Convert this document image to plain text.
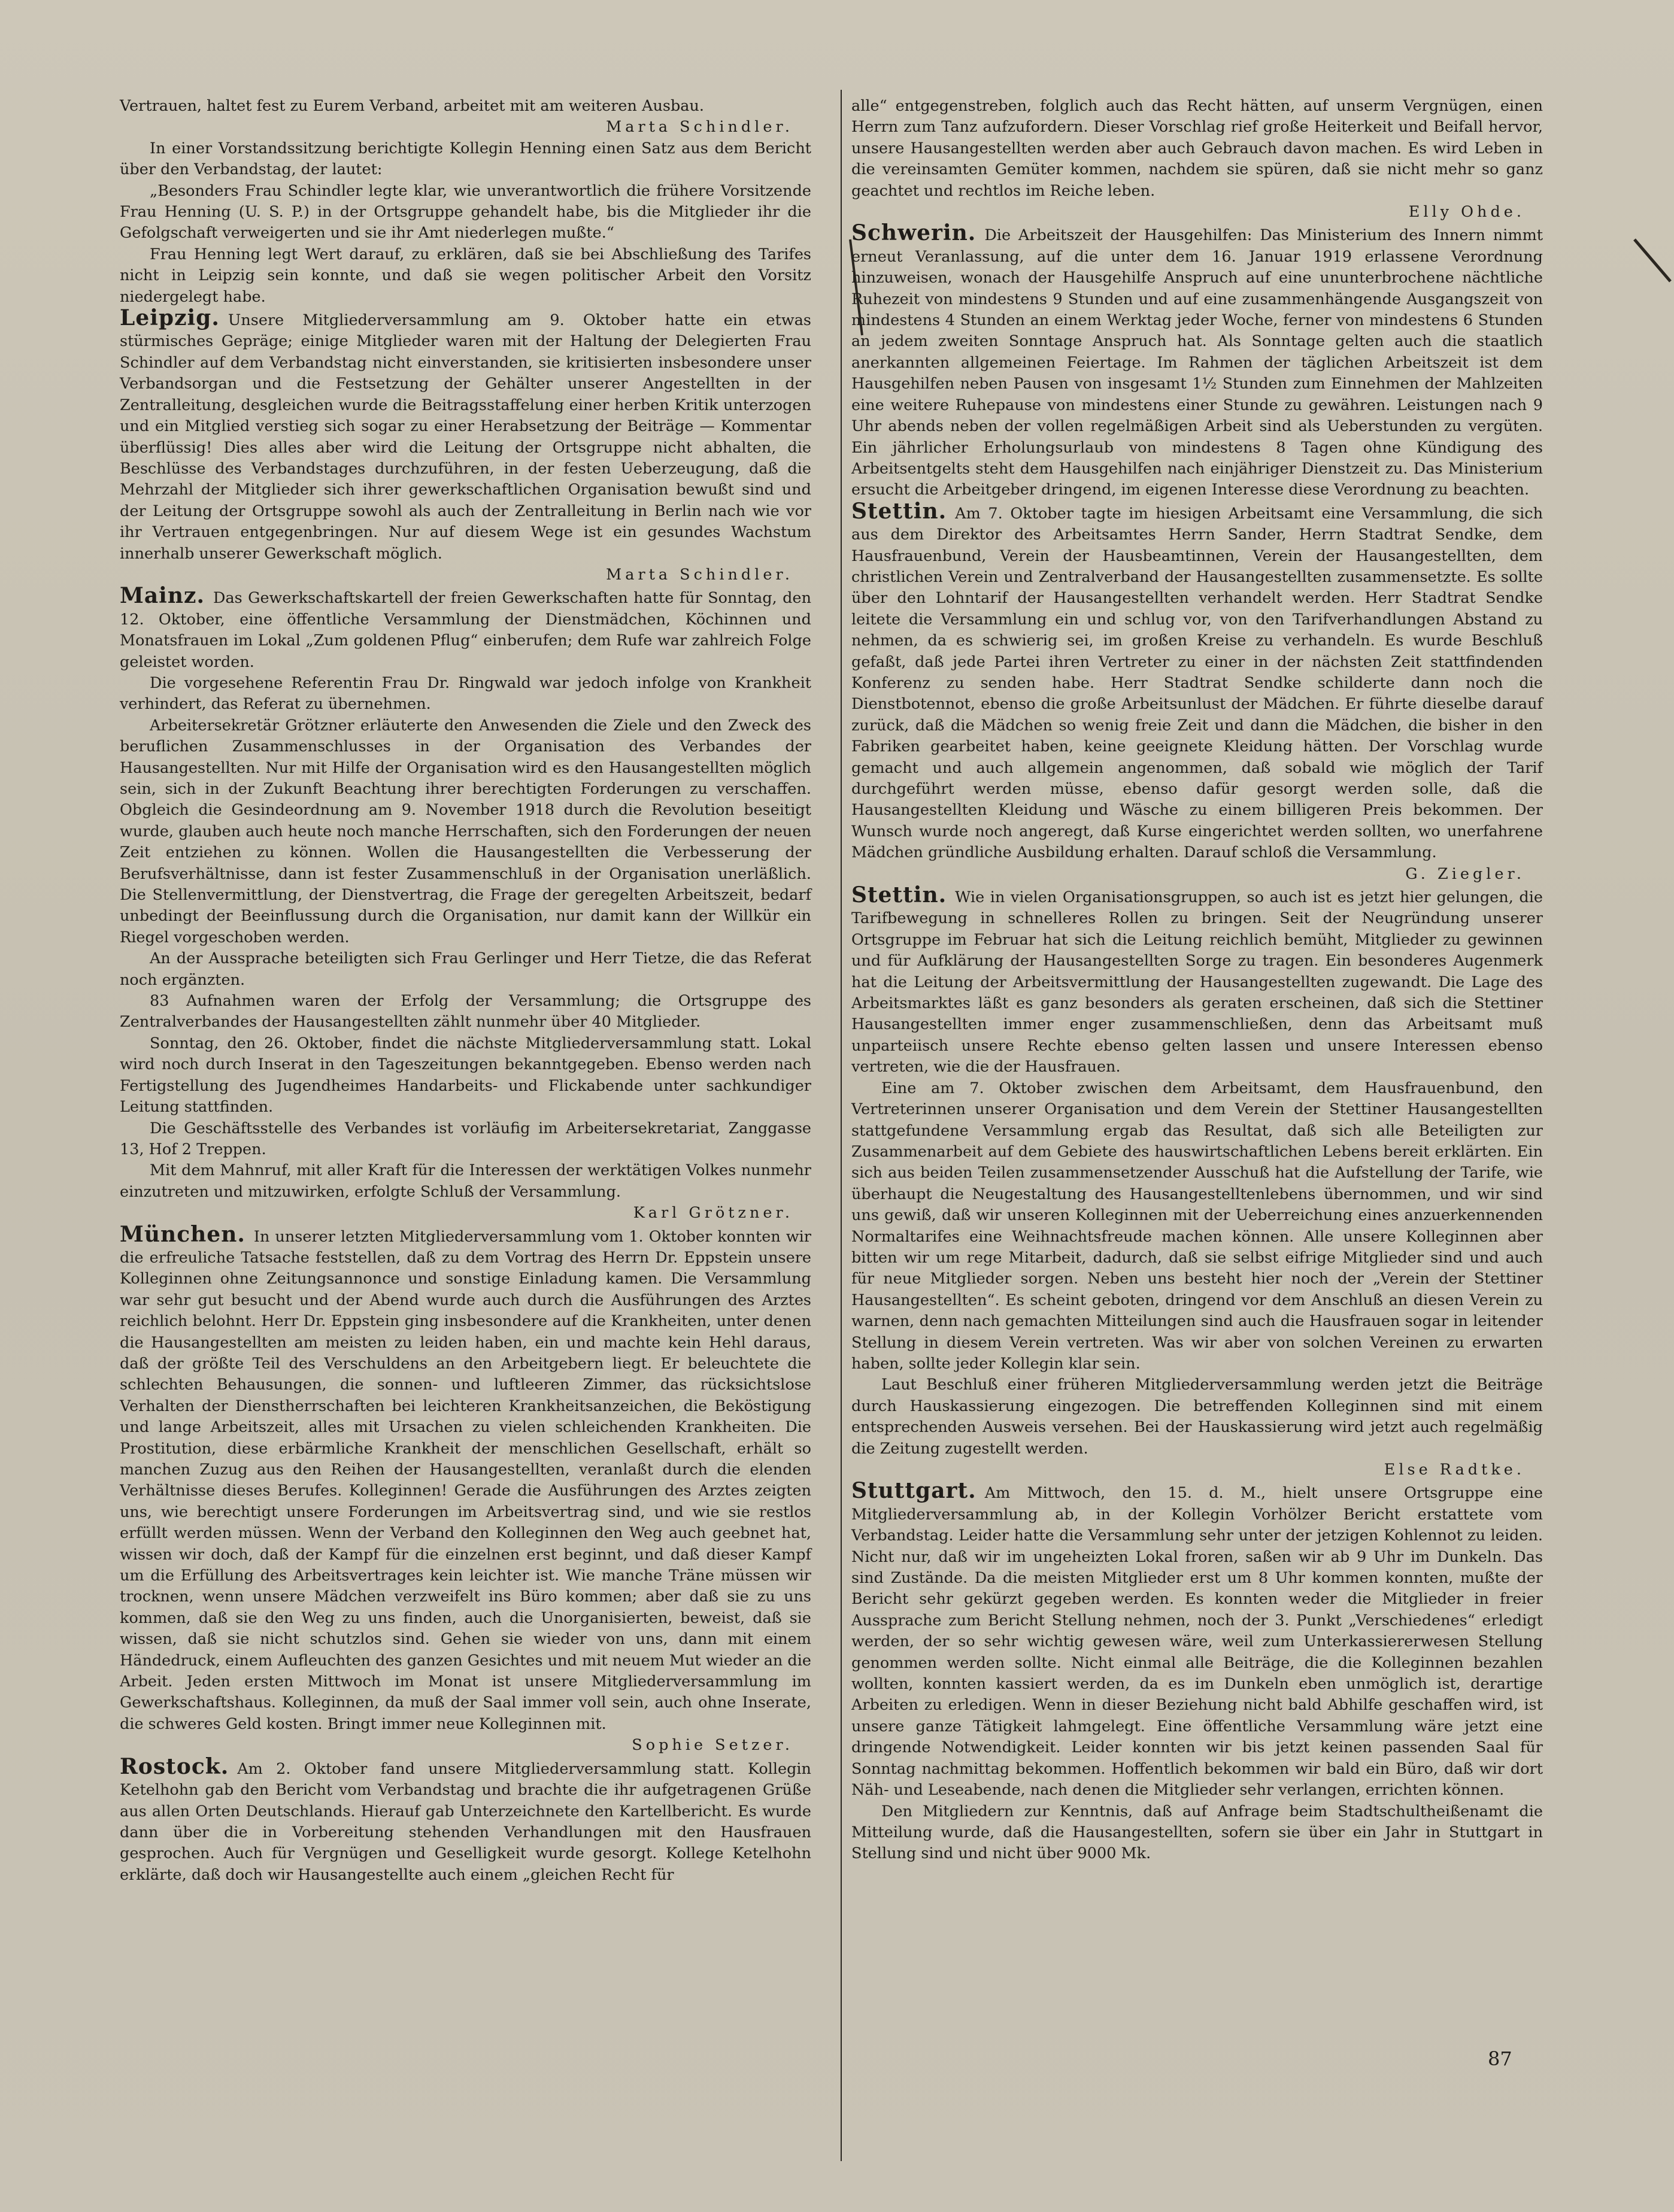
Vertrauen, haltet fest zu Eurem Verband, arbeitet mit am weiteren Ausbau.

Marta Schindler.

In einer Vorstandssitzung berichtigte Kollegin Henning einen Satz aus dem Bericht über den Verbandstag, der lautet:

„Besonders Frau Schindler legte klar, wie unverantwortlich die frühere Vorsitzende Frau Henning (U. S. P.) in der Ortsgruppe gehandelt habe, bis die Mitglieder ihr die Gefolgschaft verweigerten und sie ihr Amt niederlegen mußte.“

Frau Henning legt Wert darauf, zu erklären, daß sie bei Abschließung des Tarifes nicht in Leipzig sein konnte, und daß sie wegen politischer Arbeit den Vorsitz niedergelegt habe.

Leipzig. Unsere Mitgliederversammlung am 9. Oktober hatte ein etwas stürmisches Gepräge; einige Mitglieder waren mit der Haltung der Delegierten Frau Schindler auf dem Verbandstag nicht einverstanden, sie kritisierten insbesondere unser Verbandsorgan und die Festsetzung der Gehälter unserer Angestellten in der Zentralleitung, desgleichen wurde die Beitragsstaffelung einer herben Kritik unterzogen und ein Mitglied verstieg sich sogar zu einer Herabsetzung der Beiträge — Kommentar überflüssig! Dies alles aber wird die Leitung der Ortsgruppe nicht abhalten, die Beschlüsse des Verbandstages durchzuführen, in der festen Ueberzeugung, daß die Mehrzahl der Mitglieder sich ihrer gewerkschaftlichen Organisation bewußt sind und der Leitung der Ortsgruppe sowohl als auch der Zentralleitung in Berlin nach wie vor ihr Vertrauen entgegenbringen. Nur auf diesem Wege ist ein gesundes Wachstum innerhalb unserer Gewerkschaft möglich.

Marta Schindler.

Mainz. Das Gewerkschaftskartell der freien Gewerkschaften hatte für Sonntag, den 12. Oktober, eine öffentliche Versammlung der Dienstmädchen, Köchinnen und Monatsfrauen im Lokal „Zum goldenen Pflug“ einberufen; dem Rufe war zahlreich Folge geleistet worden.

Die vorgesehene Referentin Frau Dr. Ringwald war jedoch infolge von Krankheit verhindert, das Referat zu übernehmen.

Arbeitersekretär Grötzner erläuterte den Anwesenden die Ziele und den Zweck des beruflichen Zusammenschlusses in der Organisation des Verbandes der Hausangestellten. Nur mit Hilfe der Organisation wird es den Hausangestellten möglich sein, sich in der Zukunft Beachtung ihrer berechtigten Forderungen zu verschaffen. Obgleich die Gesindeordnung am 9. November 1918 durch die Revolution beseitigt wurde, glauben auch heute noch manche Herrschaften, sich den Forderungen der neuen Zeit entziehen zu können. Wollen die Hausangestellten die Verbesserung der Berufsverhältnisse, dann ist fester Zusammenschluß in der Organisation unerläßlich. Die Stellenvermittlung, der Dienstvertrag, die Frage der geregelten Arbeitszeit, bedarf unbedingt der Beeinflussung durch die Organisation, nur damit kann der Willkür ein Riegel vorgeschoben werden.

An der Aussprache beteiligten sich Frau Gerlinger und Herr Tietze, die das Referat noch ergänzten.

83 Aufnahmen waren der Erfolg der Versammlung; die Ortsgruppe des Zentralverbandes der Hausangestellten zählt nunmehr über 40 Mitglieder.

Sonntag, den 26. Oktober, findet die nächste Mitgliederversammlung statt. Lokal wird noch durch Inserat in den Tageszeitungen bekanntgegeben. Ebenso werden nach Fertigstellung des Jugendheimes Handarbeits- und Flickabende unter sachkundiger Leitung stattfinden.

Die Geschäftsstelle des Verbandes ist vorläufig im Arbeitersekretariat, Zanggasse 13, Hof 2 Treppen.

Mit dem Mahnruf, mit aller Kraft für die Interessen der werktätigen Volkes nunmehr einzutreten und mitzuwirken, erfolgte Schluß der Versammlung.

Karl Grötzner.

München. In unserer letzten Mitgliederversammlung vom 1. Oktober konnten wir die erfreuliche Tatsache feststellen, daß zu dem Vortrag des Herrn Dr. Eppstein unsere Kolleginnen ohne Zeitungsannonce und sonstige Einladung kamen. Die Versammlung war sehr gut besucht und der Abend wurde auch durch die Ausführungen des Arztes reichlich belohnt. Herr Dr. Eppstein ging insbesondere auf die Krankheiten, unter denen die Hausangestellten am meisten zu leiden haben, ein und machte kein Hehl daraus, daß der größte Teil des Verschuldens an den Arbeitgebern liegt. Er beleuchtete die schlechten Behausungen, die sonnen- und luftleeren Zimmer, das rücksichtslose Verhalten der Dienstherrschaften bei leichteren Krankheitsanzeichen, die Beköstigung und lange Arbeitszeit, alles mit Ursachen zu vielen schleichenden Krankheiten. Die Prostitution, diese erbärmliche Krankheit der menschlichen Gesellschaft, erhält so manchen Zuzug aus den Reihen der Hausangestellten, veranlaßt durch die elenden Verhältnisse dieses Berufes. Kolleginnen! Gerade die Ausführungen des Arztes zeigten uns, wie berechtigt unsere Forderungen im Arbeitsvertrag sind, und wie sie restlos erfüllt werden müssen. Wenn der Verband den Kolleginnen den Weg auch geebnet hat, wissen wir doch, daß der Kampf für die einzelnen erst beginnt, und daß dieser Kampf um die Erfüllung des Arbeitsvertrages kein leichter ist. Wie manche Träne müssen wir trocknen, wenn unsere Mädchen verzweifelt ins Büro kommen; aber daß sie zu uns kommen, daß sie den Weg zu uns finden, auch die Unorganisierten, beweist, daß sie wissen, daß sie nicht schutzlos sind. Gehen sie wieder von uns, dann mit einem Händedruck, einem Aufleuchten des ganzen Gesichtes und mit neuem Mut wieder an die Arbeit. Jeden ersten Mittwoch im Monat ist unsere Mitgliederversammlung im Gewerkschaftshaus. Kolleginnen, da muß der Saal immer voll sein, auch ohne Inserate, die schweres Geld kosten. Bringt immer neue Kolleginnen mit.

Sophie Setzer.

Rostock. Am 2. Oktober fand unsere Mitgliederversammlung statt. Kollegin Ketelhohn gab den Bericht vom Verbandstag und brachte die ihr aufgetragenen Grüße aus allen Orten Deutschlands. Hierauf gab Unterzeichnete den Kartellbericht. Es wurde dann über die in Vorbereitung stehenden Verhandlungen mit den Hausfrauen gesprochen. Auch für Vergnügen und Geselligkeit wurde gesorgt. Kollege Ketelhohn erklärte, daß doch wir Hausangestellte auch einem „gleichen Recht für

alle“ entgegenstreben, folglich auch das Recht hätten, auf unserm Vergnügen, einen Herrn zum Tanz aufzufordern. Dieser Vorschlag rief große Heiterkeit und Beifall hervor, unsere Hausangestellten werden aber auch Gebrauch davon machen. Es wird Leben in die vereinsamten Gemüter kommen, nachdem sie spüren, daß sie nicht mehr so ganz geachtet und rechtlos im Reiche leben.

Elly Ohde.

Schwerin. Die Arbeitszeit der Hausgehilfen: Das Ministerium des Innern nimmt erneut Veranlassung, auf die unter dem 16. Januar 1919 erlassene Verordnung hinzuweisen, wonach der Hausgehilfe Anspruch auf eine ununterbrochene nächtliche Ruhezeit von mindestens 9 Stunden und auf eine zusammenhängende Ausgangszeit von mindestens 4 Stunden an einem Werktag jeder Woche, ferner von mindestens 6 Stunden an jedem zweiten Sonntage Anspruch hat. Als Sonntage gelten auch die staatlich anerkannten allgemeinen Feiertage. Im Rahmen der täglichen Arbeitszeit ist dem Hausgehilfen neben Pausen von insgesamt 1½ Stunden zum Einnehmen der Mahlzeiten eine weitere Ruhepause von mindestens einer Stunde zu gewähren. Leistungen nach 9 Uhr abends neben der vollen regelmäßigen Arbeit sind als Ueberstunden zu vergüten. Ein jährlicher Erholungsurlaub von mindestens 8 Tagen ohne Kündigung des Arbeitsentgelts steht dem Hausgehilfen nach einjähriger Dienstzeit zu. Das Ministerium ersucht die Arbeitgeber dringend, im eigenen Interesse diese Verordnung zu beachten.

Stettin. Am 7. Oktober tagte im hiesigen Arbeitsamt eine Versammlung, die sich aus dem Direktor des Arbeitsamtes Herrn Sander, Herrn Stadtrat Sendke, dem Hausfrauenbund, Verein der Hausbeamtinnen, Verein der Hausangestellten, dem christlichen Verein und Zentralverband der Hausangestellten zusammensetzte. Es sollte über den Lohntarif der Hausangestellten verhandelt werden. Herr Stadtrat Sendke leitete die Versammlung ein und schlug vor, von den Tarifverhandlungen Abstand zu nehmen, da es schwierig sei, im großen Kreise zu verhandeln. Es wurde Beschluß gefaßt, daß jede Partei ihren Vertreter zu einer in der nächsten Zeit stattfindenden Konferenz zu senden habe. Herr Stadtrat Sendke schilderte dann noch die Dienstbotennot, ebenso die große Arbeitsunlust der Mädchen. Er führte dieselbe darauf zurück, daß die Mädchen so wenig freie Zeit und dann die Mädchen, die bisher in den Fabriken gearbeitet haben, keine geeignete Kleidung hätten. Der Vorschlag wurde gemacht und auch allgemein angenommen, daß sobald wie möglich der Tarif durchgeführt werden müsse, ebenso dafür gesorgt werden solle, daß die Hausangestellten Kleidung und Wäsche zu einem billigeren Preis bekommen. Der Wunsch wurde noch angeregt, daß Kurse eingerichtet werden sollten, wo unerfahrene Mädchen gründliche Ausbildung erhalten. Darauf schloß die Versammlung.

G. Ziegler.

Stettin. Wie in vielen Organisationsgruppen, so auch ist es jetzt hier gelungen, die Tarifbewegung in schnelleres Rollen zu bringen. Seit der Neugründung unserer Ortsgruppe im Februar hat sich die Leitung reichlich bemüht, Mitglieder zu gewinnen und für Aufklärung der Hausangestellten Sorge zu tragen. Ein besonderes Augenmerk hat die Leitung der Arbeitsvermittlung der Hausangestellten zugewandt. Die Lage des Arbeitsmarktes läßt es ganz besonders als geraten erscheinen, daß sich die Stettiner Hausangestellten immer enger zusammenschließen, denn das Arbeitsamt muß unparteiisch unsere Rechte ebenso gelten lassen und unsere Interessen ebenso vertreten, wie die der Hausfrauen.

Eine am 7. Oktober zwischen dem Arbeitsamt, dem Hausfrauenbund, den Vertreterinnen unserer Organisation und dem Verein der Stettiner Hausangestellten stattgefundene Versammlung ergab das Resultat, daß sich alle Beteiligten zur Zusammenarbeit auf dem Gebiete des hauswirtschaftlichen Lebens bereit erklärten. Ein sich aus beiden Teilen zusammensetzender Ausschuß hat die Aufstellung der Tarife, wie überhaupt die Neugestaltung des Hausangestelltenlebens übernommen, und wir sind uns gewiß, daß wir unseren Kolleginnen mit der Ueberreichung eines anzuerkennenden Normaltarifes eine Weihnachtsfreude machen können. Alle unsere Kolleginnen aber bitten wir um rege Mitarbeit, dadurch, daß sie selbst eifrige Mitglieder sind und auch für neue Mitglieder sorgen. Neben uns besteht hier noch der „Verein der Stettiner Hausangestellten“. Es scheint geboten, dringend vor dem Anschluß an diesen Verein zu warnen, denn nach gemachten Mitteilungen sind auch die Hausfrauen sogar in leitender Stellung in diesem Verein vertreten. Was wir aber von solchen Vereinen zu erwarten haben, sollte jeder Kollegin klar sein.

Laut Beschluß einer früheren Mitgliederversammlung werden jetzt die Beiträge durch Hauskassierung eingezogen. Die betreffenden Kolleginnen sind mit einem entsprechenden Ausweis versehen. Bei der Hauskassierung wird jetzt auch regelmäßig die Zeitung zugestellt werden.

Else Radtke.

Stuttgart. Am Mittwoch, den 15. d. M., hielt unsere Ortsgruppe eine Mitgliederversammlung ab, in der Kollegin Vorhölzer Bericht erstattete vom Verbandstag. Leider hatte die Versammlung sehr unter der jetzigen Kohlennot zu leiden. Nicht nur, daß wir im ungeheizten Lokal froren, saßen wir ab 9 Uhr im Dunkeln. Das sind Zustände. Da die meisten Mitglieder erst um 8 Uhr kommen konnten, mußte der Bericht sehr gekürzt gegeben werden. Es konnten weder die Mitglieder in freier Aussprache zum Bericht Stellung nehmen, noch der 3. Punkt „Verschiedenes“ erledigt werden, der so sehr wichtig gewesen wäre, weil zum Unterkassiererwesen Stellung genommen werden sollte. Nicht einmal alle Beiträge, die die Kolleginnen bezahlen wollten, konnten kassiert werden, da es im Dunkeln eben unmöglich ist, derartige Arbeiten zu erledigen. Wenn in dieser Beziehung nicht bald Abhilfe geschaffen wird, ist unsere ganze Tätigkeit lahmgelegt. Eine öffentliche Versammlung wäre jetzt eine dringende Notwendigkeit. Leider konnten wir bis jetzt keinen passenden Saal für Sonntag nachmittag bekommen. Hoffentlich bekommen wir bald ein Büro, daß wir dort Näh- und Leseabende, nach denen die Mitglieder sehr verlangen, errichten können.

Den Mitgliedern zur Kenntnis, daß auf Anfrage beim Stadtschultheißenamt die Mitteilung wurde, daß die Hausangestellten, sofern sie über ein Jahr in Stuttgart in Stellung sind und nicht über 9000 Mk.

87
